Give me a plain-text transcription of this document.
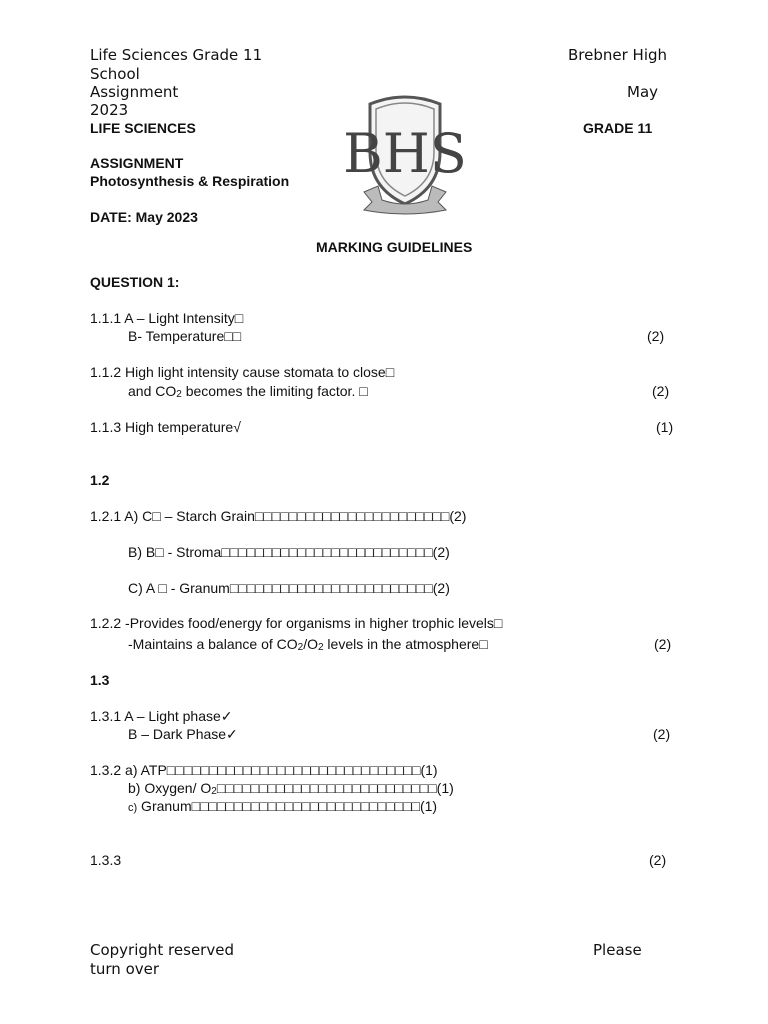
Life Sciences Grade 11	Brebner High
School
Assignment	May
2023
LIFE SCIENCES	GRADE 11
ASSIGNMENT
Photosynthesis & Respiration
DATE: May 2023
BHS
MARKING GUIDELINES
QUESTION 1:
1.1.1 A – Light Intensity□
B- Temperature□□	(2)
1.1.2 High light intensity cause stomata to close□
and CO2 becomes the limiting factor. □	(2)
1.1.3 High temperature√	(1)
1.2
1.2.1 A) C□ – Starch Grain□□□□□□□□□□□□□□□□□□□□□□□(2)
B) B□ - Stroma□□□□□□□□□□□□□□□□□□□□□□□□□(2)
C) A □ - Granum□□□□□□□□□□□□□□□□□□□□□□□□(2)
1.2.2 -Provides food/energy for organisms in higher trophic levels□
-Maintains a balance of CO2/O2 levels in the atmosphere□	(2)
1.3
1.3.1 A – Light phase✓
B – Dark Phase✓	(2)
1.3.2 a) ATP□□□□□□□□□□□□□□□□□□□□□□□□□□□□□□(1)
b) Oxygen/ O2□□□□□□□□□□□□□□□□□□□□□□□□□□(1)
c) Granum□□□□□□□□□□□□□□□□□□□□□□□□□□□(1)
1.3.3	(2)
Copyright reserved	Please
turn over
